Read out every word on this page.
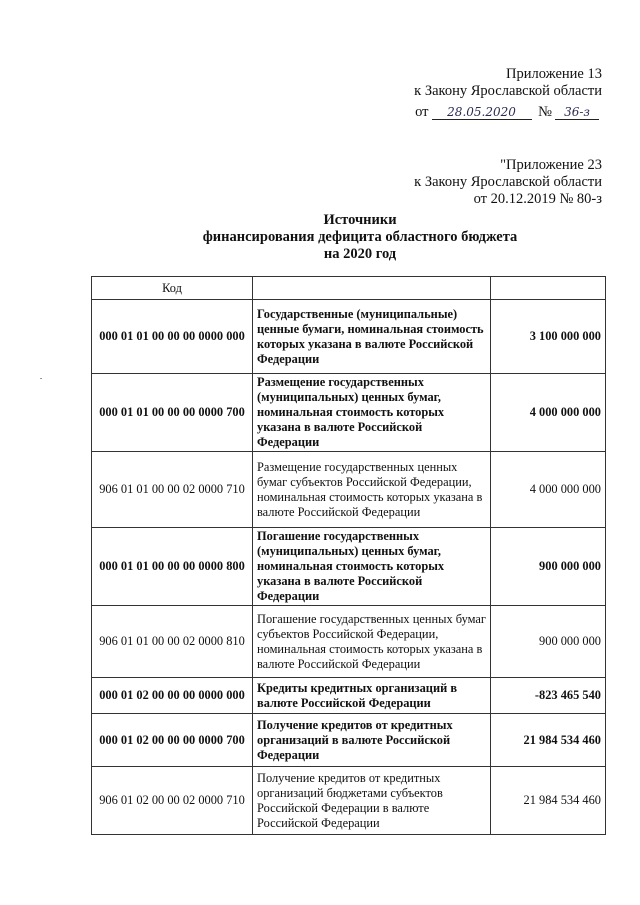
Приложение 13
к Закону Ярославской области
от 28.05.2020 № 36-з
"Приложение 23
к Закону Ярославской области
от 20.12.2019 № 80-з
Источники
финансирования дефицита областного бюджета
на 2020 год
Код		
000 01 01 00 00 00 0000 000	Государственные (муниципальные) ценные бумаги, номинальная стоимость которых указана в валюте Российской Федерации	3 100 000 000
000 01 01 00 00 00 0000 700	Размещение государственных (муниципальных) ценных бумаг, номинальная стоимость которых указана в валюте Российской Федерации	4 000 000 000
906 01 01 00 00 02 0000 710	Размещение государственных ценных бумаг субъектов Российской Федерации, номинальная стоимость которых указана в валюте Российской Федерации	4 000 000 000
000 01 01 00 00 00 0000 800	Погашение государственных (муниципальных) ценных бумаг, номинальная стоимость которых указана в валюте Российской Федерации	900 000 000
906 01 01 00 00 02 0000 810	Погашение государственных ценных бумаг субъектов Российской Федерации, номинальная стоимость которых указана в валюте Российской Федерации	900 000 000
000 01 02 00 00 00 0000 000	Кредиты кредитных организаций в валюте Российской Федерации	-823 465 540
000 01 02 00 00 00 0000 700	Получение кредитов от кредитных организаций в валюте Российской Федерации	21 984 534 460
906 01 02 00 00 02 0000 710	Получение кредитов от кредитных организаций бюджетами субъектов Российской Федерации в валюте Российской Федерации	21 984 534 460
